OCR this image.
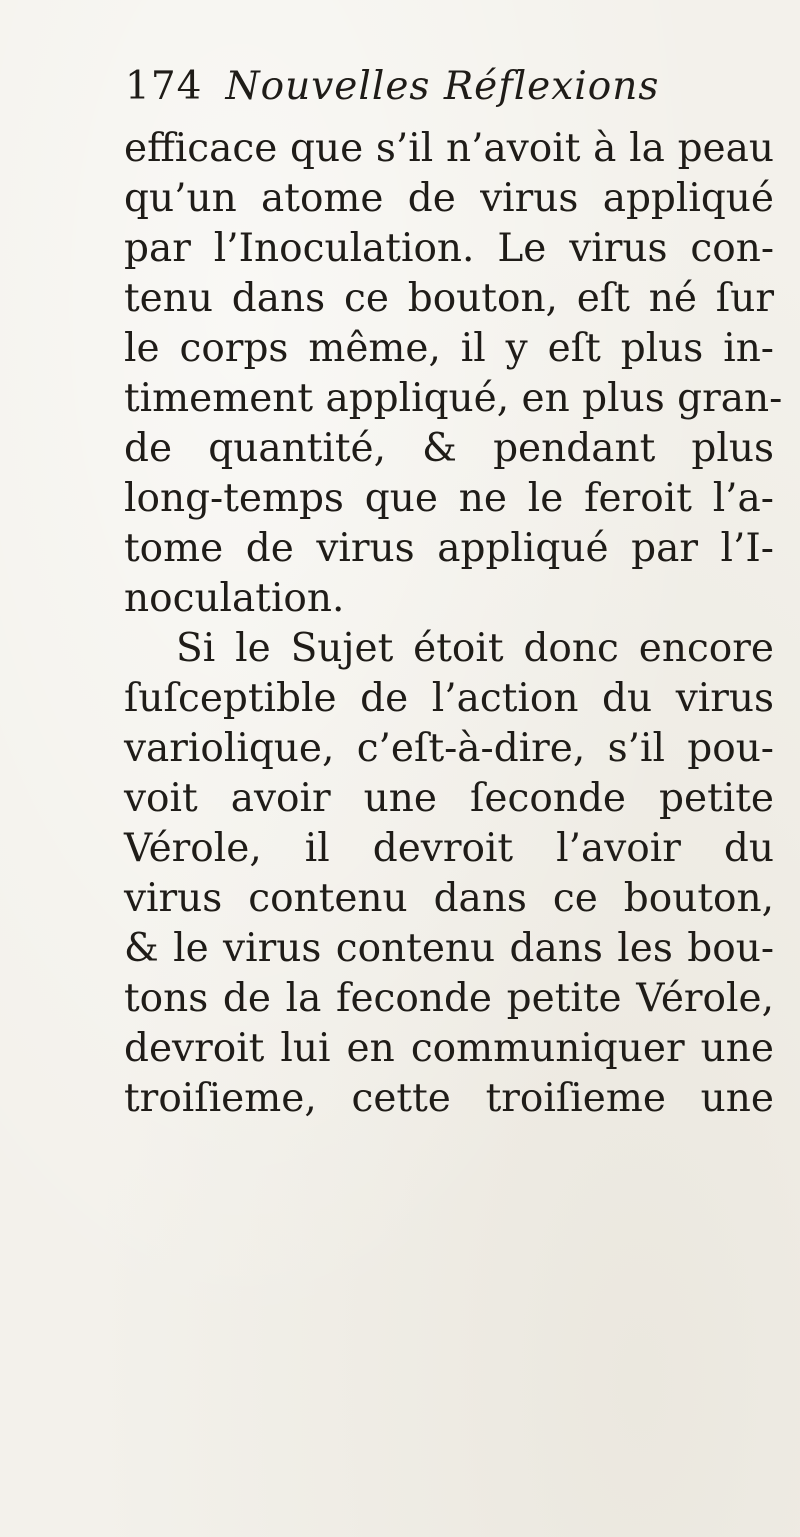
174 Nouvelles Réflexions
efficace que s’il n’avoit à la peau
qu’un atome de virus appliqué
par l’Inoculation. Le virus con-
tenu dans ce bouton, eſt né ſur
le corps même, il y eſt plus in-
timement appliqué, en plus gran-
de quantité, & pendant plus
long-temps que ne le feroit l’a-
tome de virus appliqué par l’I-
noculation.
Si le Sujet étoit donc encore
ſuſceptible de l’action du virus
variolique, c’eſt-à-dire, s’il pou-
voit avoir une ſeconde petite
Vérole, il devroit l’avoir du
virus contenu dans ce bouton,
& le virus contenu dans les bou-
tons de la feconde petite Vérole,
devroit lui en communiquer une
troiſieme, cette troiſieme une
